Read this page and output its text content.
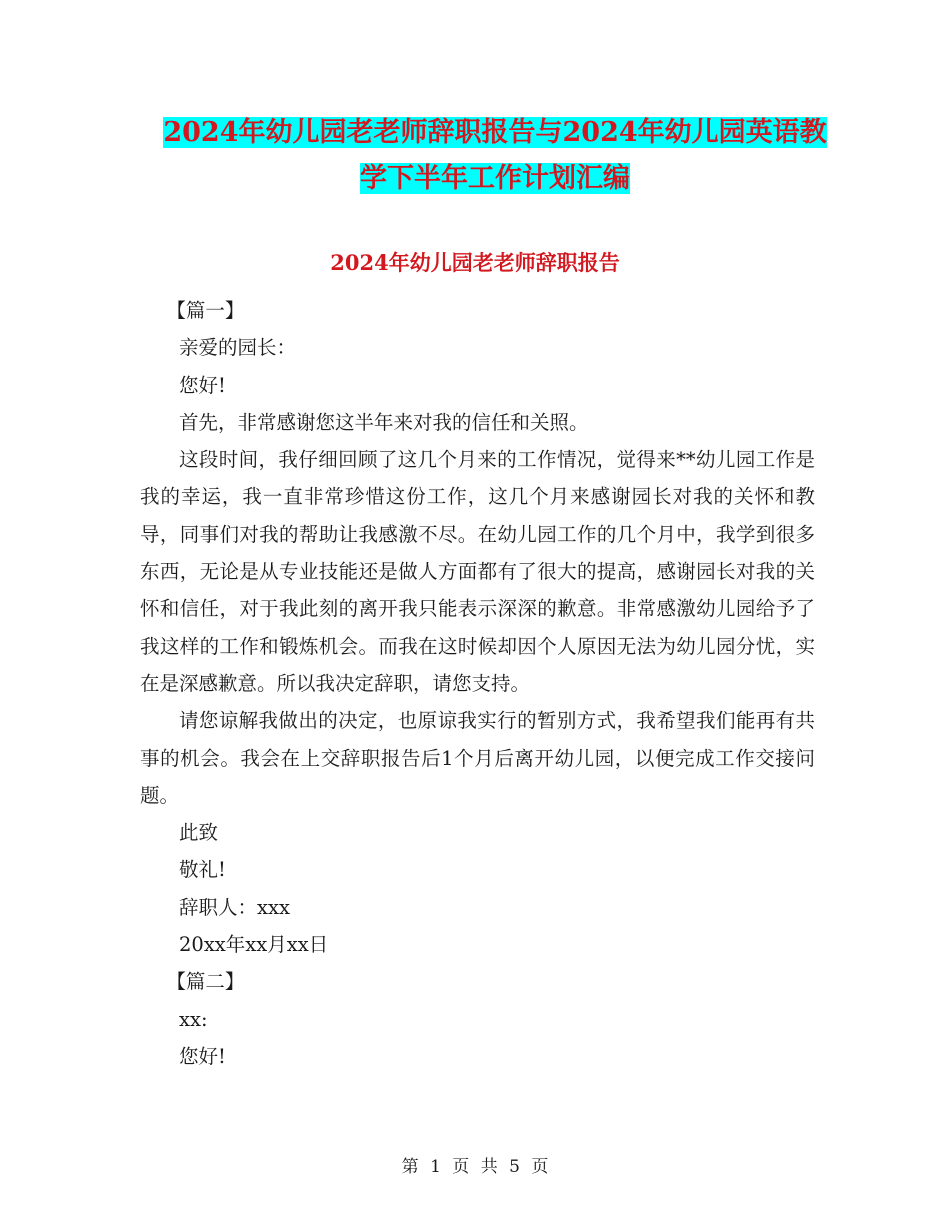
2024年幼儿园老老师辞职报告与2024年幼儿园英语教
学下半年工作计划汇编
2024年幼儿园老老师辞职报告

【篇一】

亲爱的园长：

您好!

首先，非常感谢您这半年来对我的信任和关照。

这段时间，我仔细回顾了这几个月来的工作情况，觉得来**幼儿园工作是我的幸运，我一直非常珍惜这份工作，这几个月来感谢园长对我的关怀和教导，同事们对我的帮助让我感激不尽。在幼儿园工作的几个月中，我学到很多东西，无论是从专业技能还是做人方面都有了很大的提高，感谢园长对我的关怀和信任，对于我此刻的离开我只能表示深深的歉意。非常感激幼儿园给予了我这样的工作和锻炼机会。而我在这时候却因个人原因无法为幼儿园分忧，实在是深感歉意。所以我决定辞职，请您支持。

请您谅解我做出的决定，也原谅我实行的暂别方式，我希望我们能再有共事的机会。我会在上交辞职报告后1个月后离开幼儿园，以便完成工作交接问题。

此致

敬礼!

辞职人：xxx

20xx年xx月xx日

【篇二】

xx:

您好!

第 1 页 共 5 页
